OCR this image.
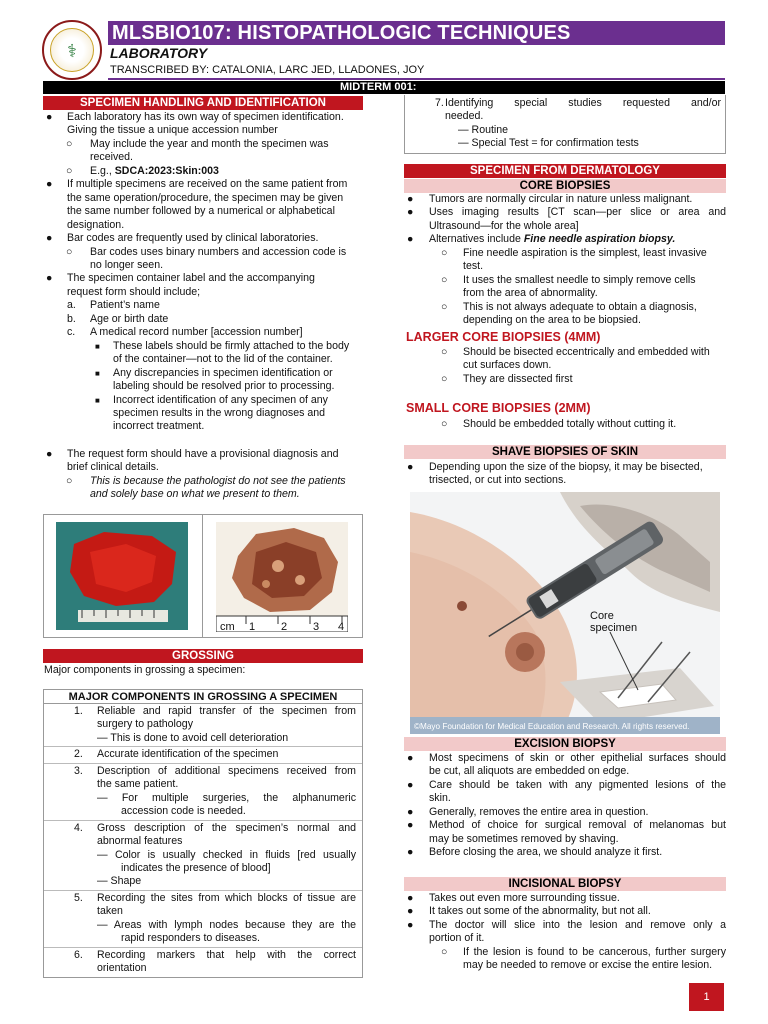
⚕
MLSBIO107: HISTOPATHOLOGIC TECHNIQUES
LABORATORY
TRANSCRIBED BY: CATALONIA, LARC JED, LLADONES, JOY
MIDTERM 001:
SPECIMEN HANDLING AND IDENTIFICATION
● Each laboratory has its own way of specimen identification.
Giving the tissue a unique accession number
○ May include the year and month the specimen was
received.
○ E.g., SDCA:2023:Skin:003
● If multiple specimens are received on the same patient from
the same operation/procedure, the specimen may be given
the same number followed by a numerical or alphabetical
designation.
● Bar codes are frequently used by clinical laboratories.
○ Bar codes uses binary numbers and accession code is
no longer seen.
● The specimen container label and the accompanying
request form should include;
a. Patient’s name
b. Age or birth date
c. A medical record number [accession number]
■ These labels should be firmly attached to the body
of the container—not to the lid of the container.
■ Any discrepancies in specimen identification or
labeling should be resolved prior to processing.
■ Incorrect identification of any specimen of any
specimen results in the wrong diagnoses and
incorrect treatment.
● The request form should have a provisional diagnosis and
brief clinical details.
○ This is because the pathologist do not see the patients
and solely base on what we present to them.
cm 1 2 3 4
GROSSING
Major components in grossing a specimen:
MAJOR COMPONENTS IN GROSSING A SPECIMEN
1. Reliable and rapid transfer of the specimen from
surgery to pathology
— This is done to avoid cell deterioration
2. Accurate identification of the specimen
3. Description of additional specimens received from
the same patient.
— For multiple surgeries, the alphanumeric
accession code is needed.
4. Gross description of the specimen’s normal and
abnormal features
— Color is usually checked in fluids [red usually
indicates the presence of blood]
— Shape
5. Recording the sites from which blocks of tissue are
taken
— Areas with lymph nodes because they are the
rapid responders to diseases.
6. Recording markers that help with the correct
orientation
7. Identifying special studies requested and/or
needed.
— Routine
— Special Test = for confirmation tests
SPECIMEN FROM DERMATOLOGY
CORE BIOPSIES
● Tumors are normally circular in nature unless malignant.
● Uses imaging results [CT scan—per slice or area and
Ultrasound—for the whole area]
● Alternatives include Fine needle aspiration biopsy.
○ Fine needle aspiration is the simplest, least invasive
test.
○ It uses the smallest needle to simply remove cells
from the area of abnormality.
○ This is not always adequate to obtain a diagnosis,
depending on the area to be biopsied.
LARGER CORE BIOPSIES (4MM)
○ Should be bisected eccentrically and embedded with
cut surfaces down.
○ They are dissected first
SMALL CORE BIOPSIES (2MM)
○ Should be embedded totally without cutting it.
SHAVE BIOPSIES OF SKIN
● Depending upon the size of the biopsy, it may be bisected,
trisected, or cut into sections.
Core
specimen
©Mayo Foundation for Medical Education and Research. All rights reserved.
EXCISION BIOPSY
● Most specimens of skin or other epithelial surfaces should
be cut, all aliquots are embedded on edge.
● Care should be taken with any pigmented lesions of the
skin.
● Generally, removes the entire area in question.
● Method of choice for surgical removal of melanomas but
may be sometimes removed by shaving.
● Before closing the area, we should analyze it first.
INCISIONAL BIOPSY
● Takes out even more surrounding tissue.
● It takes out some of the abnormality, but not all.
● The doctor will slice into the lesion and remove only a
portion of it.
○ If the lesion is found to be cancerous, further surgery
may be needed to remove or excise the entire lesion.
1
